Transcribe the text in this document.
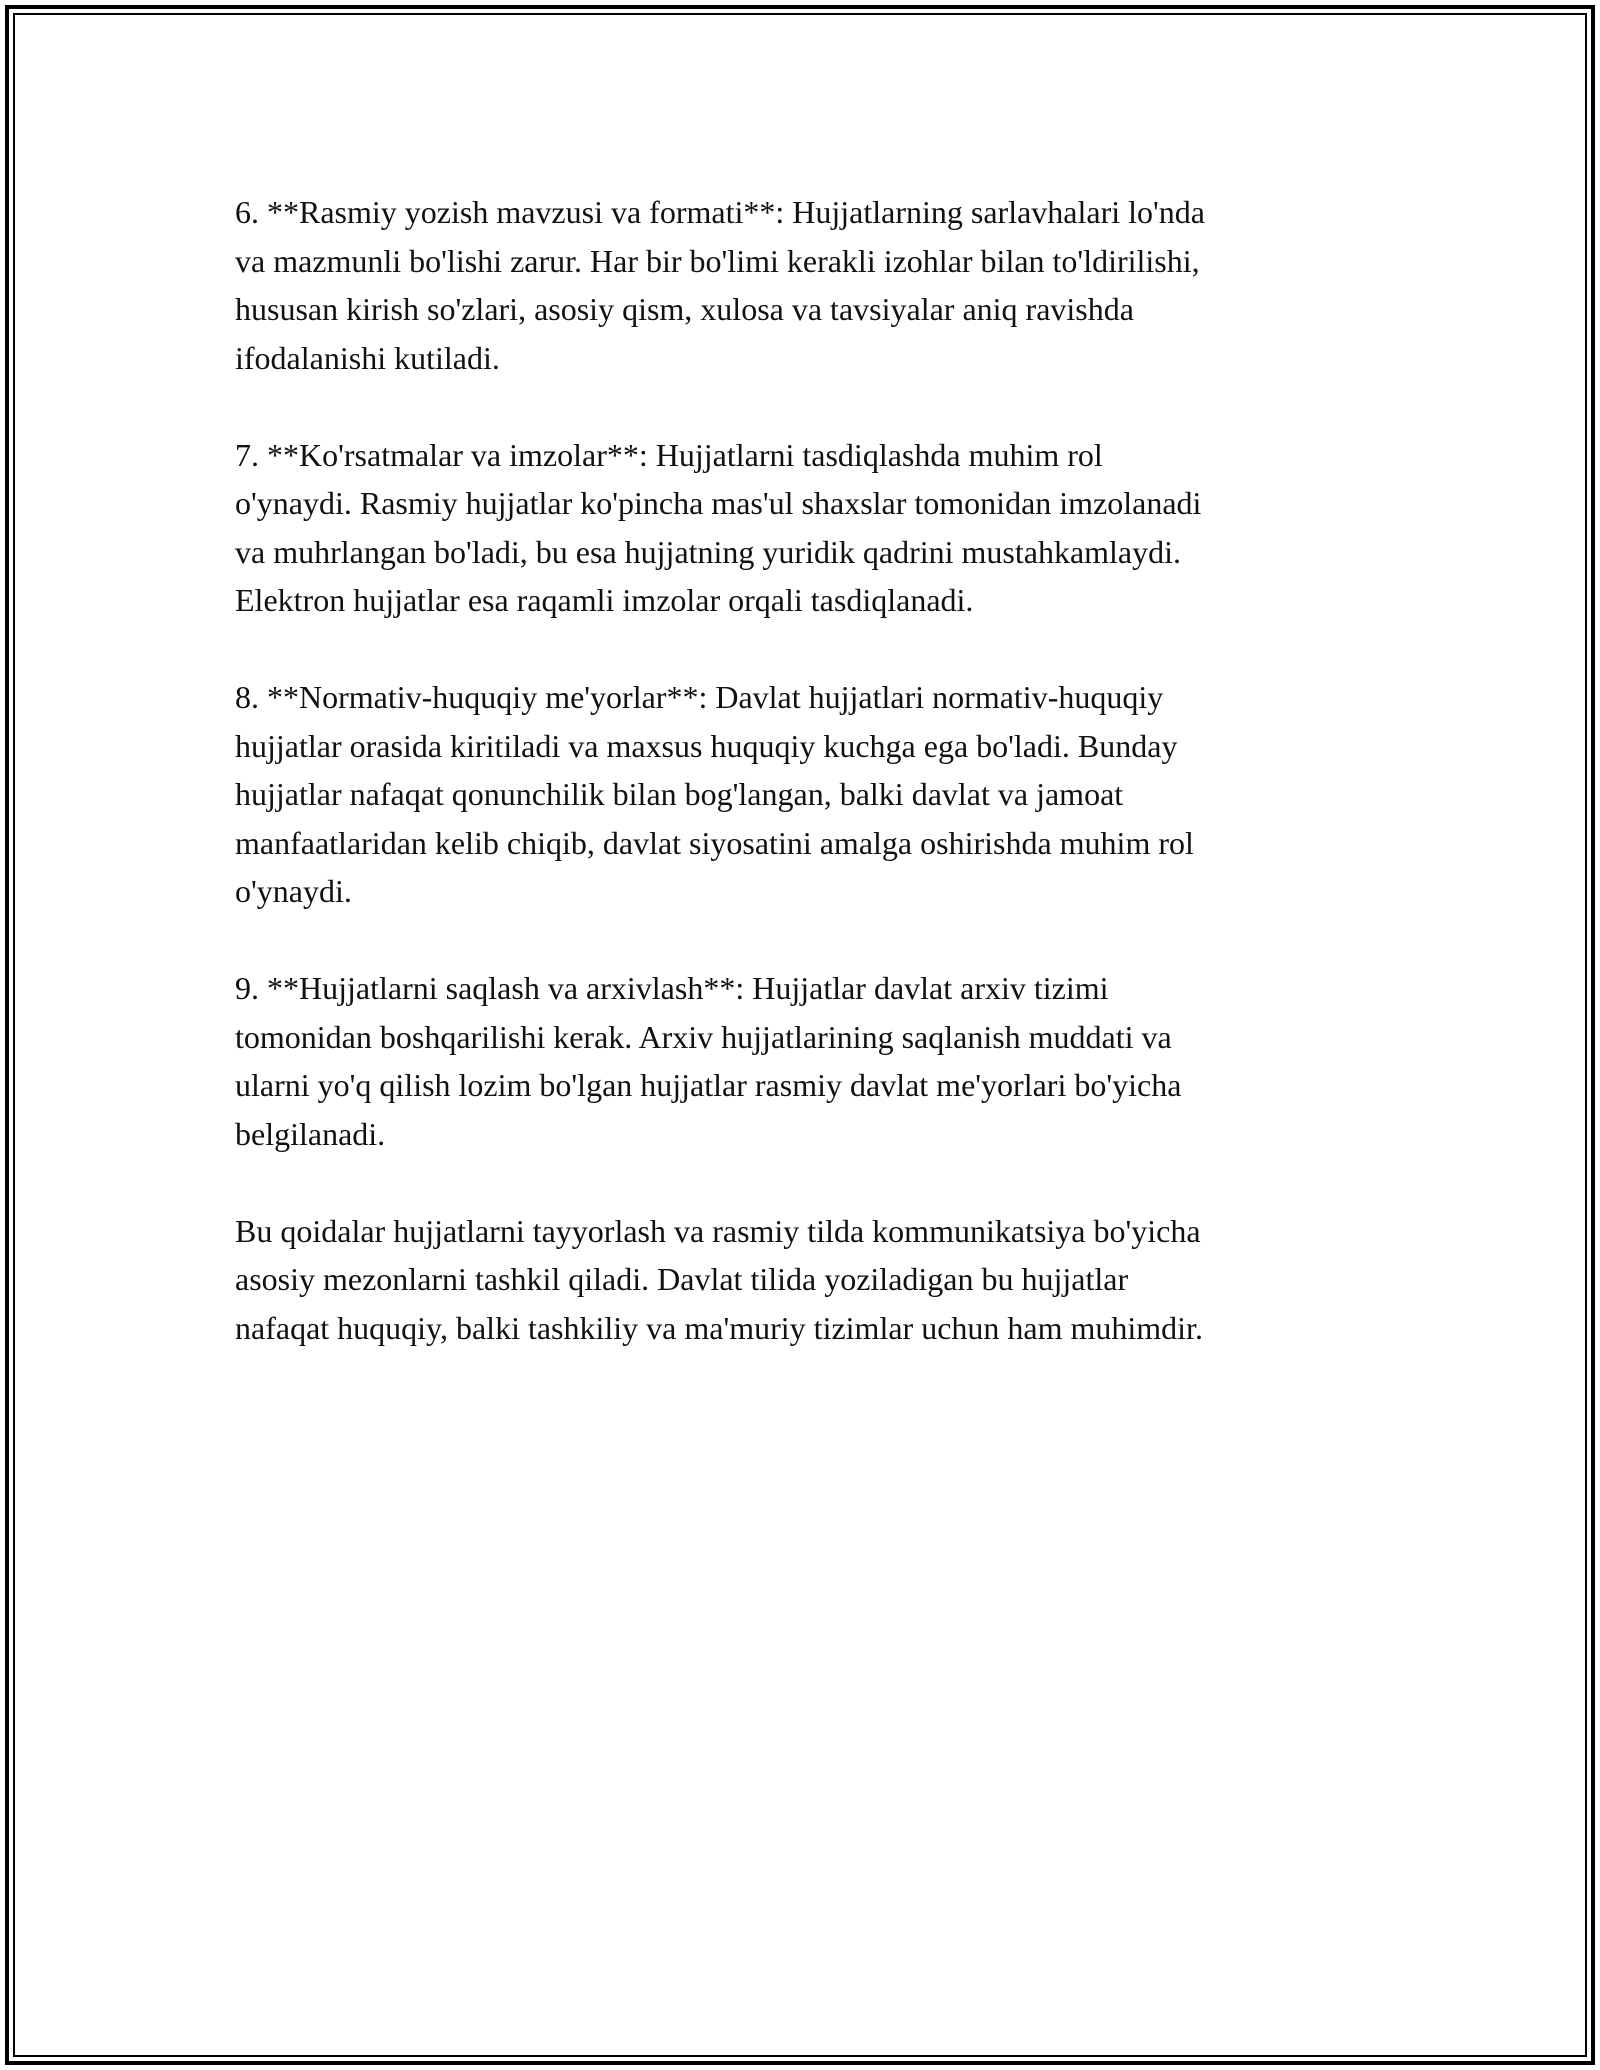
6. **Rasmiy yozish mavzusi va formati**: Hujjatlarning sarlavhalari lo'nda
va mazmunli bo'lishi zarur. Har bir bo'limi kerakli izohlar bilan to'ldirilishi,
hususan kirish so'zlari, asosiy qism, xulosa va tavsiyalar aniq ravishda
ifodalanishi kutiladi.

7. **Ko'rsatmalar va imzolar**: Hujjatlarni tasdiqlashda muhim rol
o'ynaydi. Rasmiy hujjatlar ko'pincha mas'ul shaxslar tomonidan imzolanadi
va muhrlangan bo'ladi, bu esa hujjatning yuridik qadrini mustahkamlaydi.
Elektron hujjatlar esa raqamli imzolar orqali tasdiqlanadi.

8. **Normativ-huquqiy me'yorlar**: Davlat hujjatlari normativ-huquqiy
hujjatlar orasida kiritiladi va maxsus huquqiy kuchga ega bo'ladi. Bunday
hujjatlar nafaqat qonunchilik bilan bog'langan, balki davlat va jamoat
manfaatlaridan kelib chiqib, davlat siyosatini amalga oshirishda muhim rol
o'ynaydi.

9. **Hujjatlarni saqlash va arxivlash**: Hujjatlar davlat arxiv tizimi
tomonidan boshqarilishi kerak. Arxiv hujjatlarining saqlanish muddati va
ularni yo'q qilish lozim bo'lgan hujjatlar rasmiy davlat me'yorlari bo'yicha
belgilanadi.

Bu qoidalar hujjatlarni tayyorlash va rasmiy tilda kommunikatsiya bo'yicha
asosiy mezonlarni tashkil qiladi. Davlat tilida yoziladigan bu hujjatlar
nafaqat huquqiy, balki tashkiliy va ma'muriy tizimlar uchun ham muhimdir.
